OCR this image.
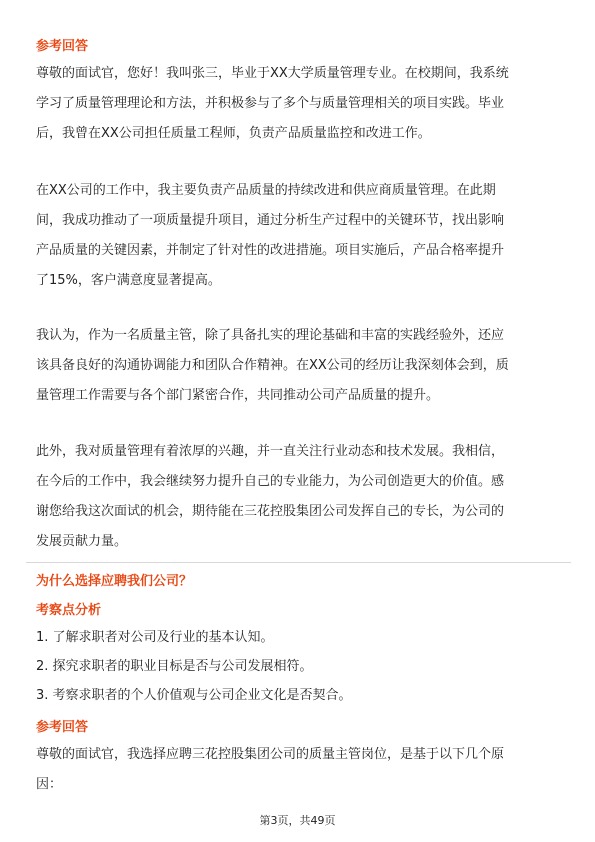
参考回答
尊敬的面试官，您好！我叫张三，毕业于XX大学质量管理专业。在校期间，我系统
学习了质量管理理论和方法，并积极参与了多个与质量管理相关的项目实践。毕业
后，我曾在XX公司担任质量工程师，负责产品质量监控和改进工作。
在XX公司的工作中，我主要负责产品质量的持续改进和供应商质量管理。在此期
间，我成功推动了一项质量提升项目，通过分析生产过程中的关键环节，找出影响
产品质量的关键因素，并制定了针对性的改进措施。项目实施后，产品合格率提升
了15%，客户满意度显著提高。
我认为，作为一名质量主管，除了具备扎实的理论基础和丰富的实践经验外，还应
该具备良好的沟通协调能力和团队合作精神。在XX公司的经历让我深刻体会到，质
量管理工作需要与各个部门紧密合作，共同推动公司产品质量的提升。
此外，我对质量管理有着浓厚的兴趣，并一直关注行业动态和技术发展。我相信，
在今后的工作中，我会继续努力提升自己的专业能力，为公司创造更大的价值。感
谢您给我这次面试的机会，期待能在三花控股集团公司发挥自己的专长，为公司的
发展贡献力量。
为什么选择应聘我们公司？
考察点分析
1. 了解求职者对公司及行业的基本认知。
2. 探究求职者的职业目标是否与公司发展相符。
3. 考察求职者的个人价值观与公司企业文化是否契合。
参考回答
尊敬的面试官，我选择应聘三花控股集团公司的质量主管岗位，是基于以下几个原
因：
第3页，共49页
